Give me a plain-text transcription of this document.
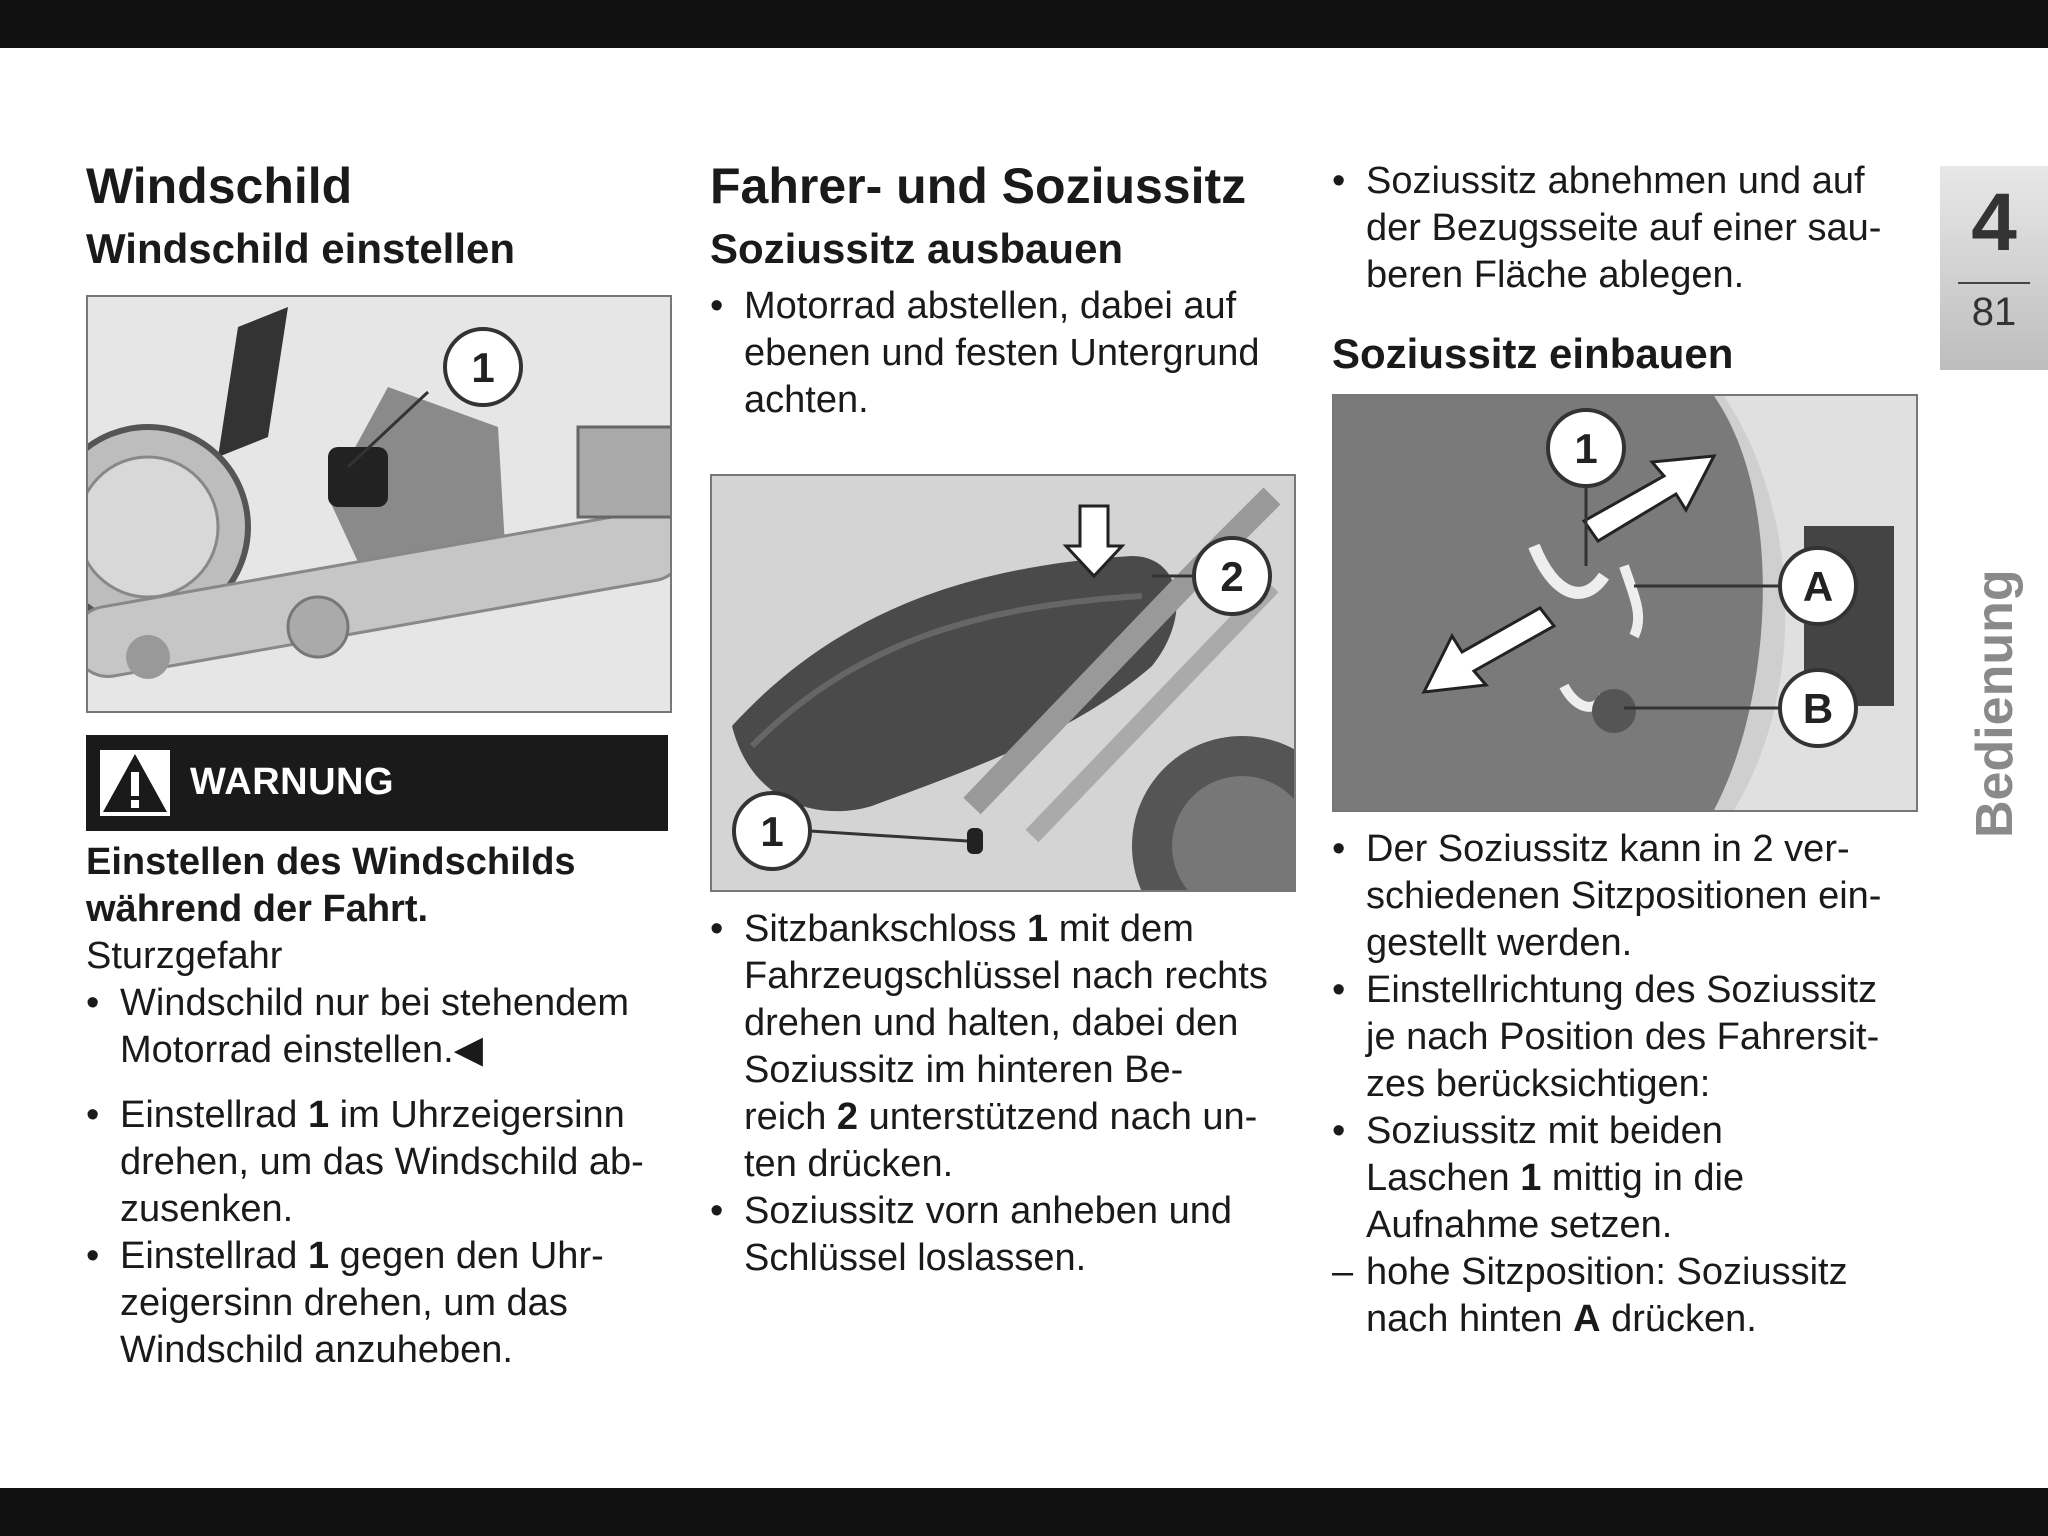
Windschild
Windschild einstellen
1
WARNUNG

Einstellen des Windschilds

während der Fahrt.

Sturzgefahr

• Windschild nur bei stehendem
Motorrad einstellen.◀
• Einstellrad 1 im Uhrzeigersinn
drehen, um das Windschild ab-
zusenken.
• Einstellrad 1 gegen den Uhr-
zeigersinn drehen, um das
Windschild anzuheben.
Fahrer- und Soziussitz
Soziussitz ausbauen
• Motorrad abstellen, dabei auf
ebenen und festen Untergrund
achten.
2
1
• Sitzbankschloss 1 mit dem
Fahrzeugschlüssel nach rechts
drehen und halten, dabei den
Soziussitz im hinteren Be-
reich 2 unterstützend nach un-
ten drücken.
• Soziussitz vorn anheben und
Schlüssel loslassen.
• Soziussitz abnehmen und auf
der Bezugsseite auf einer sau-
beren Fläche ablegen.
Soziussitz einbauen
1
A
B
• Der Soziussitz kann in 2 ver-
schiedenen Sitzpositionen ein-
gestellt werden.
• Einstellrichtung des Soziussitz
je nach Position des Fahrersit-
zes berücksichtigen:
• Soziussitz mit beiden
Laschen 1 mittig in die
Aufnahme setzen.
– hohe Sitzposition: Soziussitz
nach hinten A drücken.
4
81
Bedienung
